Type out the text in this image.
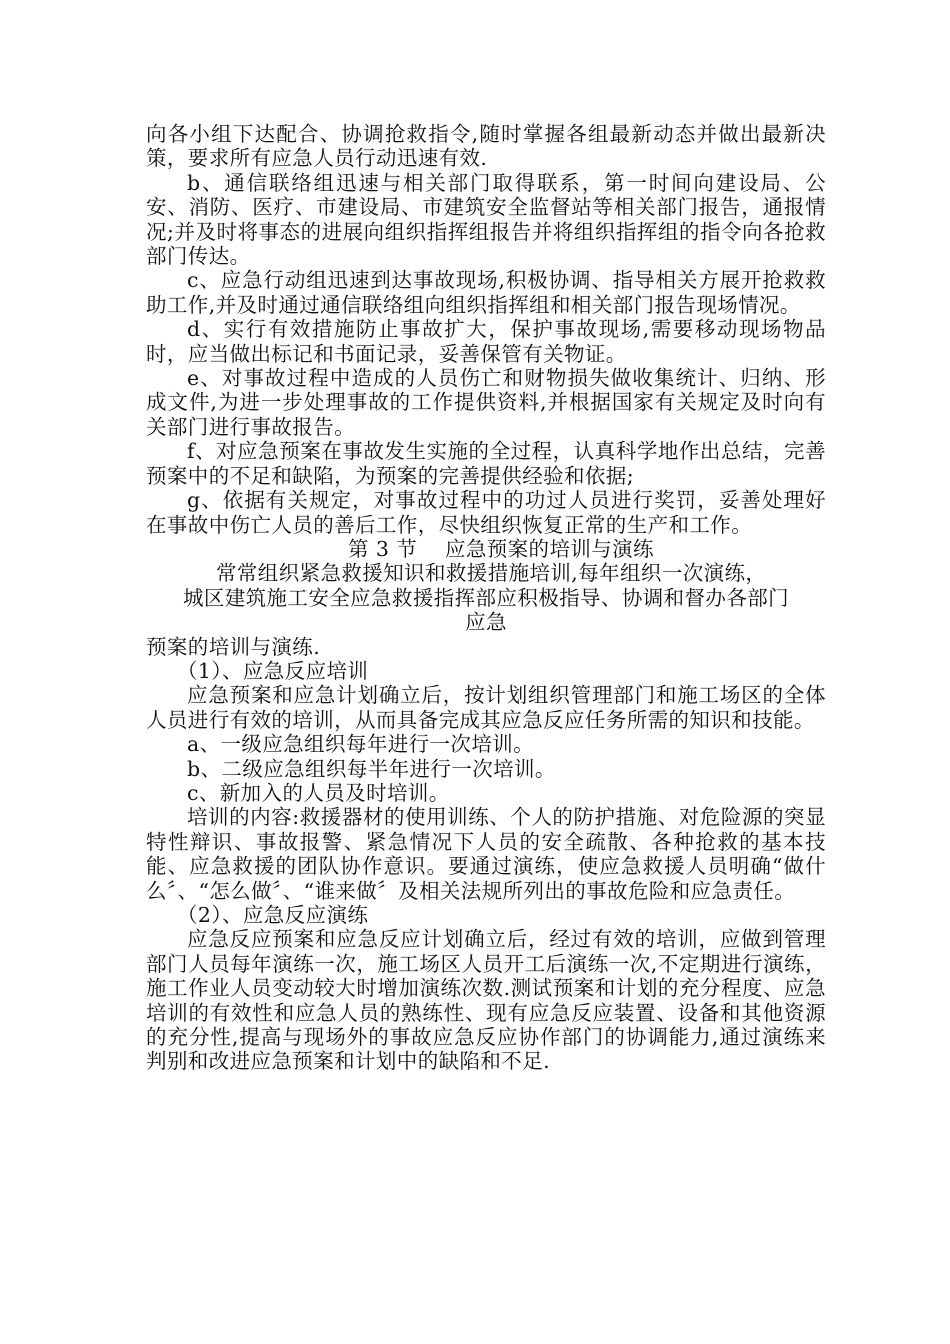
向各小组下达配合、协调抢救指令,随时掌握各组最新动态并做出最新决策，要求所有应急人员行动迅速有效.

b、通信联络组迅速与相关部门取得联系，第一时间向建设局、公安、消防、医疗、市建设局、市建筑安全监督站等相关部门报告，通报情况;并及时将事态的进展向组织指挥组报告并将组织指挥组的指令向各抢救部门传达。

c、应急行动组迅速到达事故现场,积极协调、指导相关方展开抢救救助工作,并及时通过通信联络组向组织指挥组和相关部门报告现场情况。

d、实行有效措施防止事故扩大，保护事故现场,需要移动现场物品时，应当做出标记和书面记录，妥善保管有关物证。

e、对事故过程中造成的人员伤亡和财物损失做收集统计、归纳、形成文件,为进一步处理事故的工作提供资料,并根据国家有关规定及时向有关部门进行事故报告。

f、对应急预案在事故发生实施的全过程，认真科学地作出总结，完善预案中的不足和缺陷，为预案的完善提供经验和依据;

g、依据有关规定，对事故过程中的功过人员进行奖罚，妥善处理好在事故中伤亡人员的善后工作，尽快组织恢复正常的生产和工作。

第 3 节　 应急预案的培训与演练

常常组织紧急救援知识和救援措施培训,每年组织一次演练，
城区建筑施工安全应急救援指挥部应积极指导、协调和督办各部门
应急

预案的培训与演练.

（1）、应急反应培训

应急预案和应急计划确立后，按计划组织管理部门和施工场区的全体人员进行有效的培训，从而具备完成其应急反应任务所需的知识和技能。

a、一级应急组织每年进行一次培训。

b、二级应急组织每半年进行一次培训。

c、新加入的人员及时培训。

培训的内容:救援器材的使用训练、个人的防护措施、对危险源的突显特性辩识、事故报警、紧急情况下人员的安全疏散、各种抢救的基本技能、应急救援的团队协作意识。要通过演练，使应急救援人员明确“做什么〞、“怎么做〞、“谁来做〞及相关法规所列出的事故危险和应急责任。

（2）、应急反应演练

应急反应预案和应急反应计划确立后，经过有效的培训，应做到管理部门人员每年演练一次，施工场区人员开工后演练一次,不定期进行演练，施工作业人员变动较大时增加演练次数.测试预案和计划的充分程度、应急培训的有效性和应急人员的熟练性、现有应急反应装置、设备和其他资源的充分性,提高与现场外的事故应急反应协作部门的协调能力,通过演练来判别和改进应急预案和计划中的缺陷和不足.
